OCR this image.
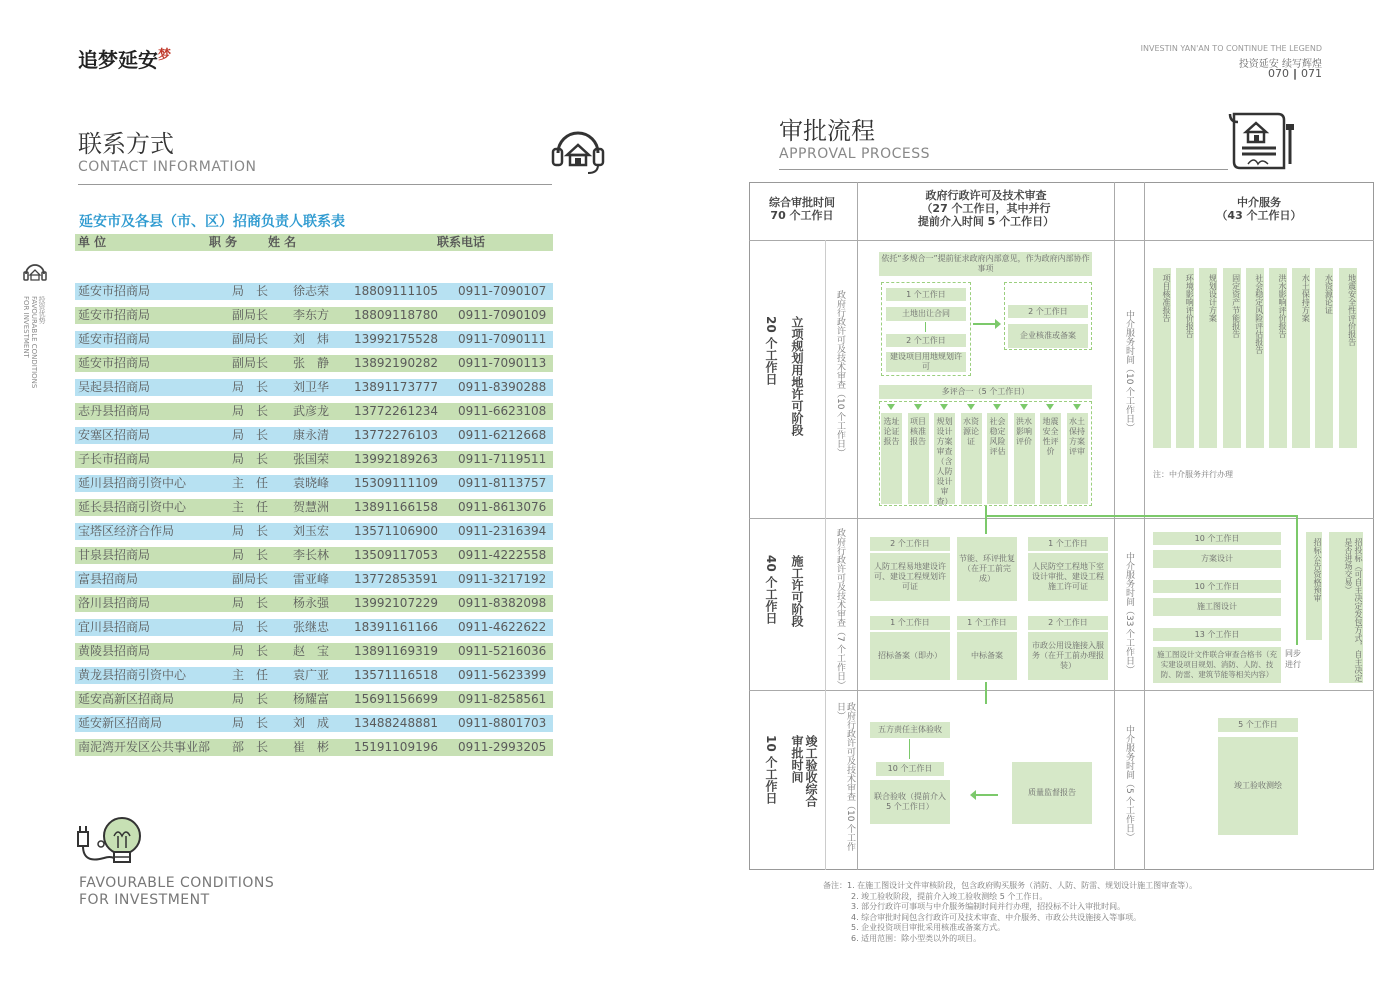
追梦延安$^梦$
联系方式
CONTACT INFORMATION
投资优势
FAVOURABLE CONDITIONS
FOR INVESTMENT
延安市及各县（市、区）招商负责人联系表
单 位	职 务	姓 名	联系电话
延安市招商局	局　长 徐志荣 18809111105 0911-7090107
延安市招商局	副局长 李东方 18809118780 0911-7090109
延安市招商局	副局长 刘　炜 13992175528 0911-7090111
延安市招商局	副局长 张　静 13892190282 0911-7090113
吴起县招商局	局　长 刘卫华 13891173777 0911-8390288
志丹县招商局	局　长 武彦龙 13772261234 0911-6623108
安塞区招商局	局　长 康永清 13772276103 0911-6212668
子长市招商局	局　长 张国荣 13992189263 0911-7119511
延川县招商引资中心	主　任 袁晓峰 15309111109 0911-8113757
延长县招商引资中心	主　任 贺慧洲 13891166158 0911-8613076
宝塔区经济合作局	局　长 刘玉宏 13571106900 0911-2316394
甘泉县招商局	局　长 李长林 13509117053 0911-4222558
富县招商局	副局长 雷亚峰 13772853591 0911-3217192
洛川县招商局	局　长 杨永强 13992107229 0911-8382098
宜川县招商局	局　长 张继忠 18391161166 0911-4622622
黄陵县招商局	局　长 赵　宝 13891169319 0911-5216036
黄龙县招商引资中心	主　任 袁广亚 13571116518 0911-5623399
延安高新区招商局	局　长 杨耀富 15691156699 0911-8258561
延安新区招商局	局　长 刘　成 13488248881 0911-8801703
南泥湾开发区公共事业部 部　长 崔　彬 15191109196 0911-2993205
FAVOURABLE CONDITIONS
FOR INVESTMENT
INVESTIN YAN'AN TO CONTINUE THE LEGEND
投资延安 续写辉煌
070 | 071
审批流程
APPROVAL PROCESS
综合审批时间
70 个工作日
政府行政许可及技术审查
（27 个工作日，其中并行
提前介入时间 5 个工作日）
中介服务
（43 个工作日）
立项规划用地许可阶段
20 个工作日	政府行政许可及技术审查（10 个工作日）	中介服务时间（10 个工作日）
依托“多规合一”提前征求政府内部意见，作为政府内部协作事项
1 个工作日
土地出让合同
2 个工作日
建设项目用地规划许可
2 个工作日
企业核准或备案
多评合一（5 个工作日）
选址论证报告
项目核准报告
规划设计方案审查（含人防设计审查）
水资源论证
社会稳定风险评估
洪水影响评价
地震安全性评价
水土保持方案评审
项目核准报告	环境影响评价报告	规划设计方案	固定资产节能报告	社会稳定风险评估报告	洪水影响评价报告	水土保持方案	水资源论证	地震安全性评价报告
注：中介服务并行办理
施工许可阶段
40 个工作日	政府行政许可及技术审查（7 个工作日）	中介服务时间（33 个工作日）
2 个工作日
人防工程易地建设许可、建设工程规划许可证
节能、环评批复（在开工前完成）
1 个工作日
人民防空工程地下室设计审批、建设工程施工许可证
1 个工作日
招标备案（即办）
1 个工作日
中标备案
2 个工作日
市政公用设施接入服务（在开工前办理报装）
10 个工作日
方案设计
10 个工作日
施工图设计
13 个工作日
施工图设计文件联合审查合格书（充实建设项目规划、消防、人防、技防、防雷、建筑节能等相关内容）
同步进行
招标公告资格预审	招投标（可自主决定发包方式，自主决定是否进场交易）
竣工验收综合审批时间
10 个工作日	政府行政许可及技术审查（10 个工作日）
中介服务时间（5 个工作日）
五方责任主体验收
10 个工作日
联合验收（提前介入 5 个工作日）
质量监督报告
5 个工作日
竣工验收测绘
备注：1. 在施工图设计文件审核阶段，包含政府购买服务（消防、人防、防雷、规划设计施工图审查等）。
2. 竣工验收阶段，提前介入竣工验收测绘 5 个工作日。
3. 部分行政许可事项与中介服务编制时间并行办理，招投标不计入审批时间。
4. 综合审批时间包含行政许可及技术审查、中介服务、市政公共设施接入等事项。
5. 企业投资项目审批采用核准或备案方式。
6. 适用范围：除小型类以外的项目。
